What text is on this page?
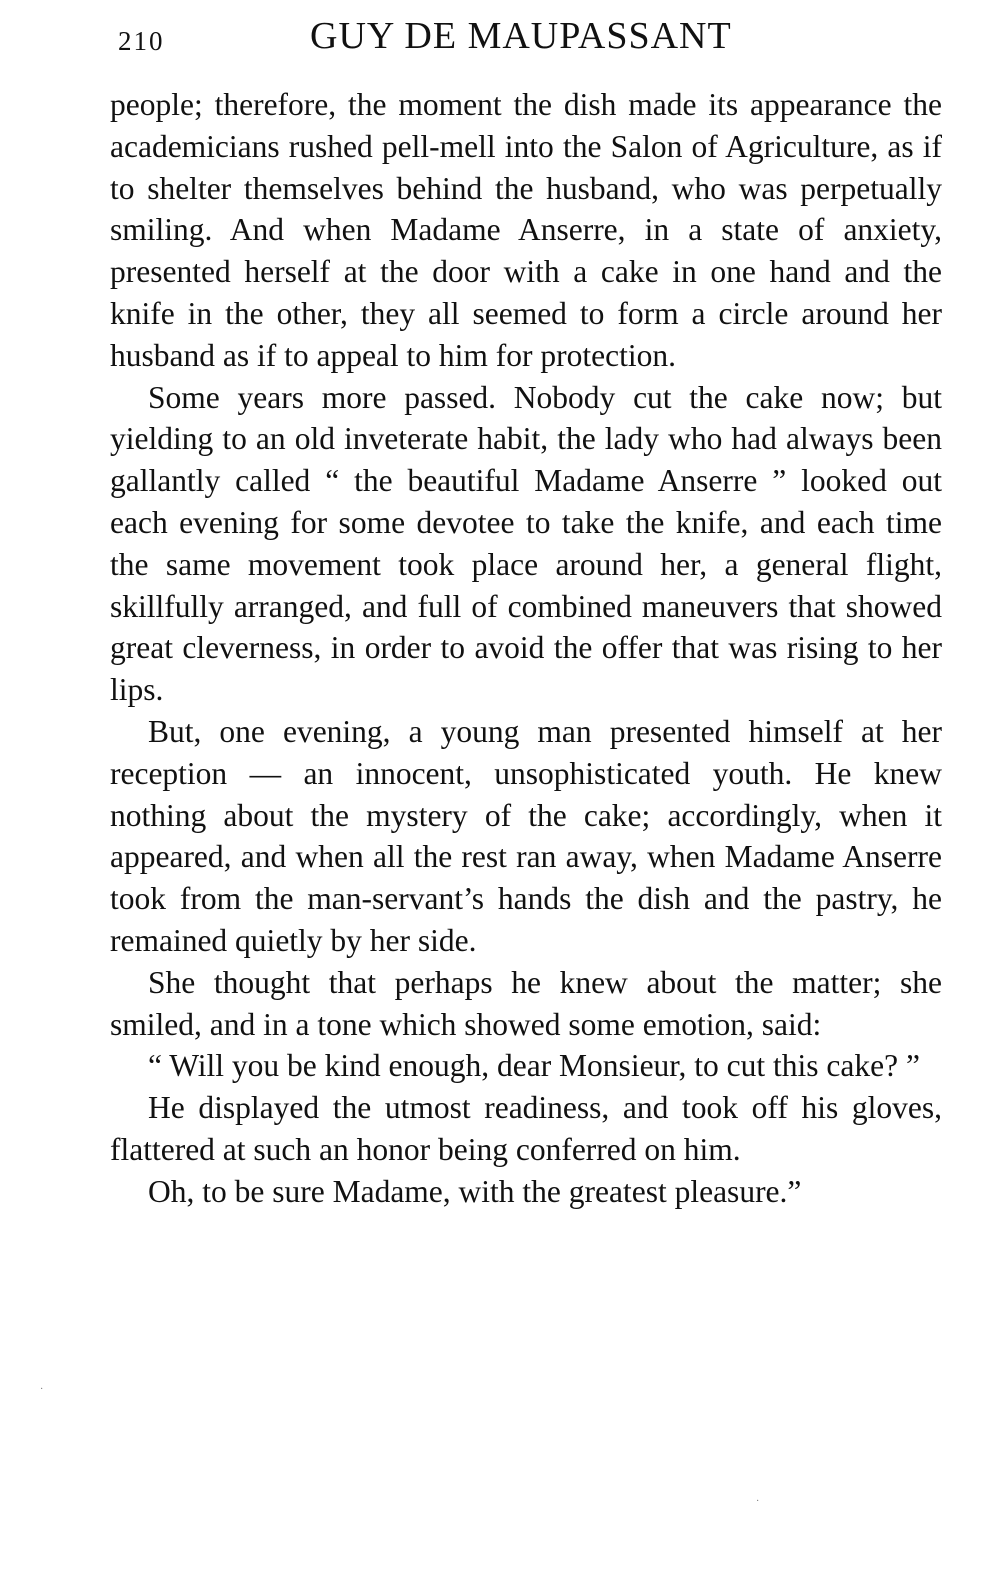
210	GUY DE MAUPASSANT

people; therefore, the moment the dish made its appearance the academicians rushed pell-mell into the Salon of Agriculture, as if to shelter themselves behind the husband, who was perpetually smiling. And when Madame Anserre, in a state of anxiety, presented herself at the door with a cake in one hand and the knife in the other, they all seemed to form a circle around her husband as if to appeal to him for protection.

Some years more passed. Nobody cut the cake now; but yielding to an old inveterate habit, the lady who had always been gallantly called “ the beautiful Madame Anserre ” looked out each evening for some devotee to take the knife, and each time the same movement took place around her, a general flight, skillfully arranged, and full of combined maneuvers that showed great cleverness, in order to avoid the offer that was rising to her lips.

But, one evening, a young man presented himself at her reception — an innocent, unsophisticated youth. He knew nothing about the mystery of the cake; accordingly, when it appeared, and when all the rest ran away, when Madame Anserre took from the man-servant’s hands the dish and the pastry, he remained quietly by her side.

She thought that perhaps he knew about the matter; she smiled, and in a tone which showed some emotion, said:

“ Will you be kind enough, dear Monsieur, to cut this cake? ”

He displayed the utmost readiness, and took off his gloves, flattered at such an honor being conferred on him.

Oh, to be sure Madame, with the greatest pleasure.”

·
·
